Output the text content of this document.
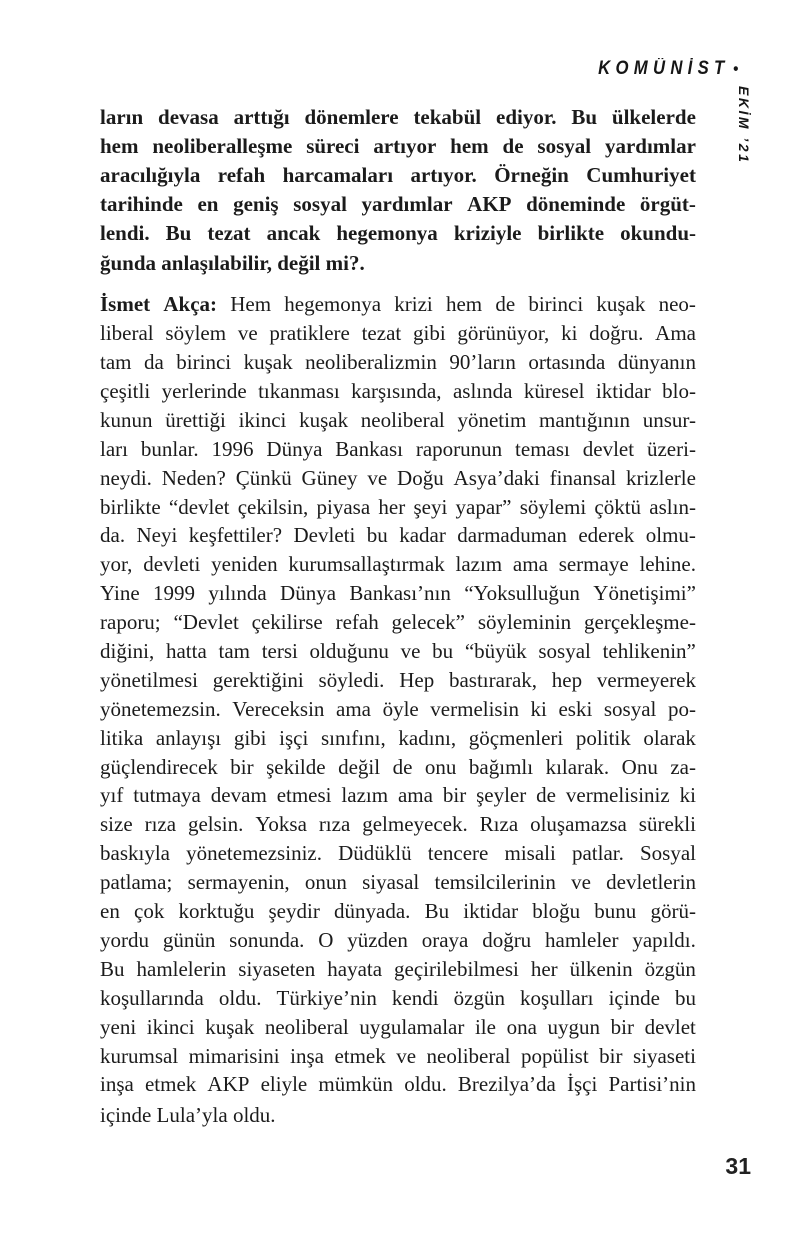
KOMÜNİST •
EKİM ’21
ların devasa arttığı dönemlere tekabül ediyor. Bu ülkelerde
hem neoliberalleşme süreci artıyor hem de sosyal yardımlar
aracılığıyla refah harcamaları artıyor. Örneğin Cumhuriyet
tarihinde en geniş sosyal yardımlar AKP döneminde örgüt-
lendi. Bu tezat ancak hegemonya kriziyle birlikte okundu-
ğunda anlaşılabilir, değil mi?.
İsmet Akça: Hem hegemonya krizi hem de birinci kuşak neo-
liberal söylem ve pratiklere tezat gibi görünüyor, ki doğru. Ama
tam da birinci kuşak neoliberalizmin 90’ların ortasında dünyanın
çeşitli yerlerinde tıkanması karşısında, aslında küresel iktidar blo-
kunun ürettiği ikinci kuşak neoliberal yönetim mantığının unsur-
ları bunlar. 1996 Dünya Bankası raporunun teması devlet üzeri-
neydi. Neden? Çünkü Güney ve Doğu Asya’daki finansal krizlerle
birlikte “devlet çekilsin, piyasa her şeyi yapar” söylemi çöktü aslın-
da. Neyi keşfettiler? Devleti bu kadar darmaduman ederek olmu-
yor, devleti yeniden kurumsallaştırmak lazım ama sermaye lehine.
Yine 1999 yılında Dünya Bankası’nın “Yoksulluğun Yönetişimi”
raporu; “Devlet çekilirse refah gelecek” söyleminin gerçekleşme-
diğini, hatta tam tersi olduğunu ve bu “büyük sosyal tehlikenin”
yönetilmesi gerektiğini söyledi. Hep bastırarak, hep vermeyerek
yönetemezsin. Vereceksin ama öyle vermelisin ki eski sosyal po-
litika anlayışı gibi işçi sınıfını, kadını, göçmenleri politik olarak
güçlendirecek bir şekilde değil de onu bağımlı kılarak. Onu za-
yıf tutmaya devam etmesi lazım ama bir şeyler de vermelisiniz ki
size rıza gelsin. Yoksa rıza gelmeyecek. Rıza oluşamazsa sürekli
baskıyla yönetemezsiniz. Düdüklü tencere misali patlar. Sosyal
patlama; sermayenin, onun siyasal temsilcilerinin ve devletlerin
en çok korktuğu şeydir dünyada. Bu iktidar bloğu bunu görü-
yordu günün sonunda. O yüzden oraya doğru hamleler yapıldı.
Bu hamlelerin siyaseten hayata geçirilebilmesi her ülkenin özgün
koşullarında oldu. Türkiye’nin kendi özgün koşulları içinde bu
yeni ikinci kuşak neoliberal uygulamalar ile ona uygun bir devlet
kurumsal mimarisini inşa etmek ve neoliberal popülist bir siyaseti
inşa etmek AKP eliyle mümkün oldu. Brezilya’da İşçi Partisi’nin
içinde Lula’yla oldu.
31
